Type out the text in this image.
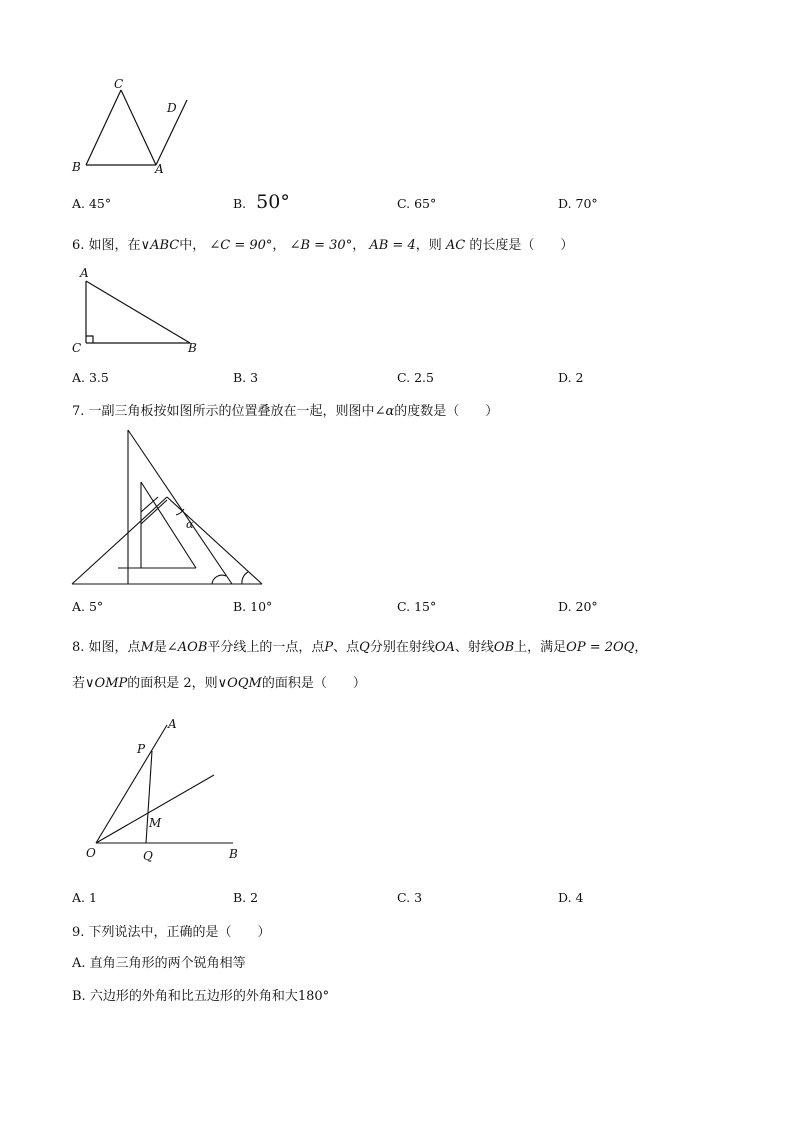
C
D
B	A
A. 45°	B. 50°	C. 65°	D. 70°
6. 如图，在∨ABC中， ∠C = 90°， ∠B = 30°， AB = 4，则 AC 的长度是（　　）
A
C	B
A. 3.5	B. 3	C. 2.5	D. 2
7. 一副三角板按如图所示的位置叠放在一起，则图中∠α的度数是（　　）
α
A. 5°	B. 10°	C. 15°	D. 20°
8. 如图，点M是∠AOB平分线上的一点，点P、点Q分别在射线OA、射线OB上，满足OP = 2OQ，
若∨OMP的面积是 2，则∨OQM的面积是（　　）
A
P
M
O	Q	B
A. 1	B. 2	C. 3	D. 4
9. 下列说法中，正确的是（　　）
A. 直角三角形的两个锐角相等
B. 六边形的外角和比五边形的外角和大180°
